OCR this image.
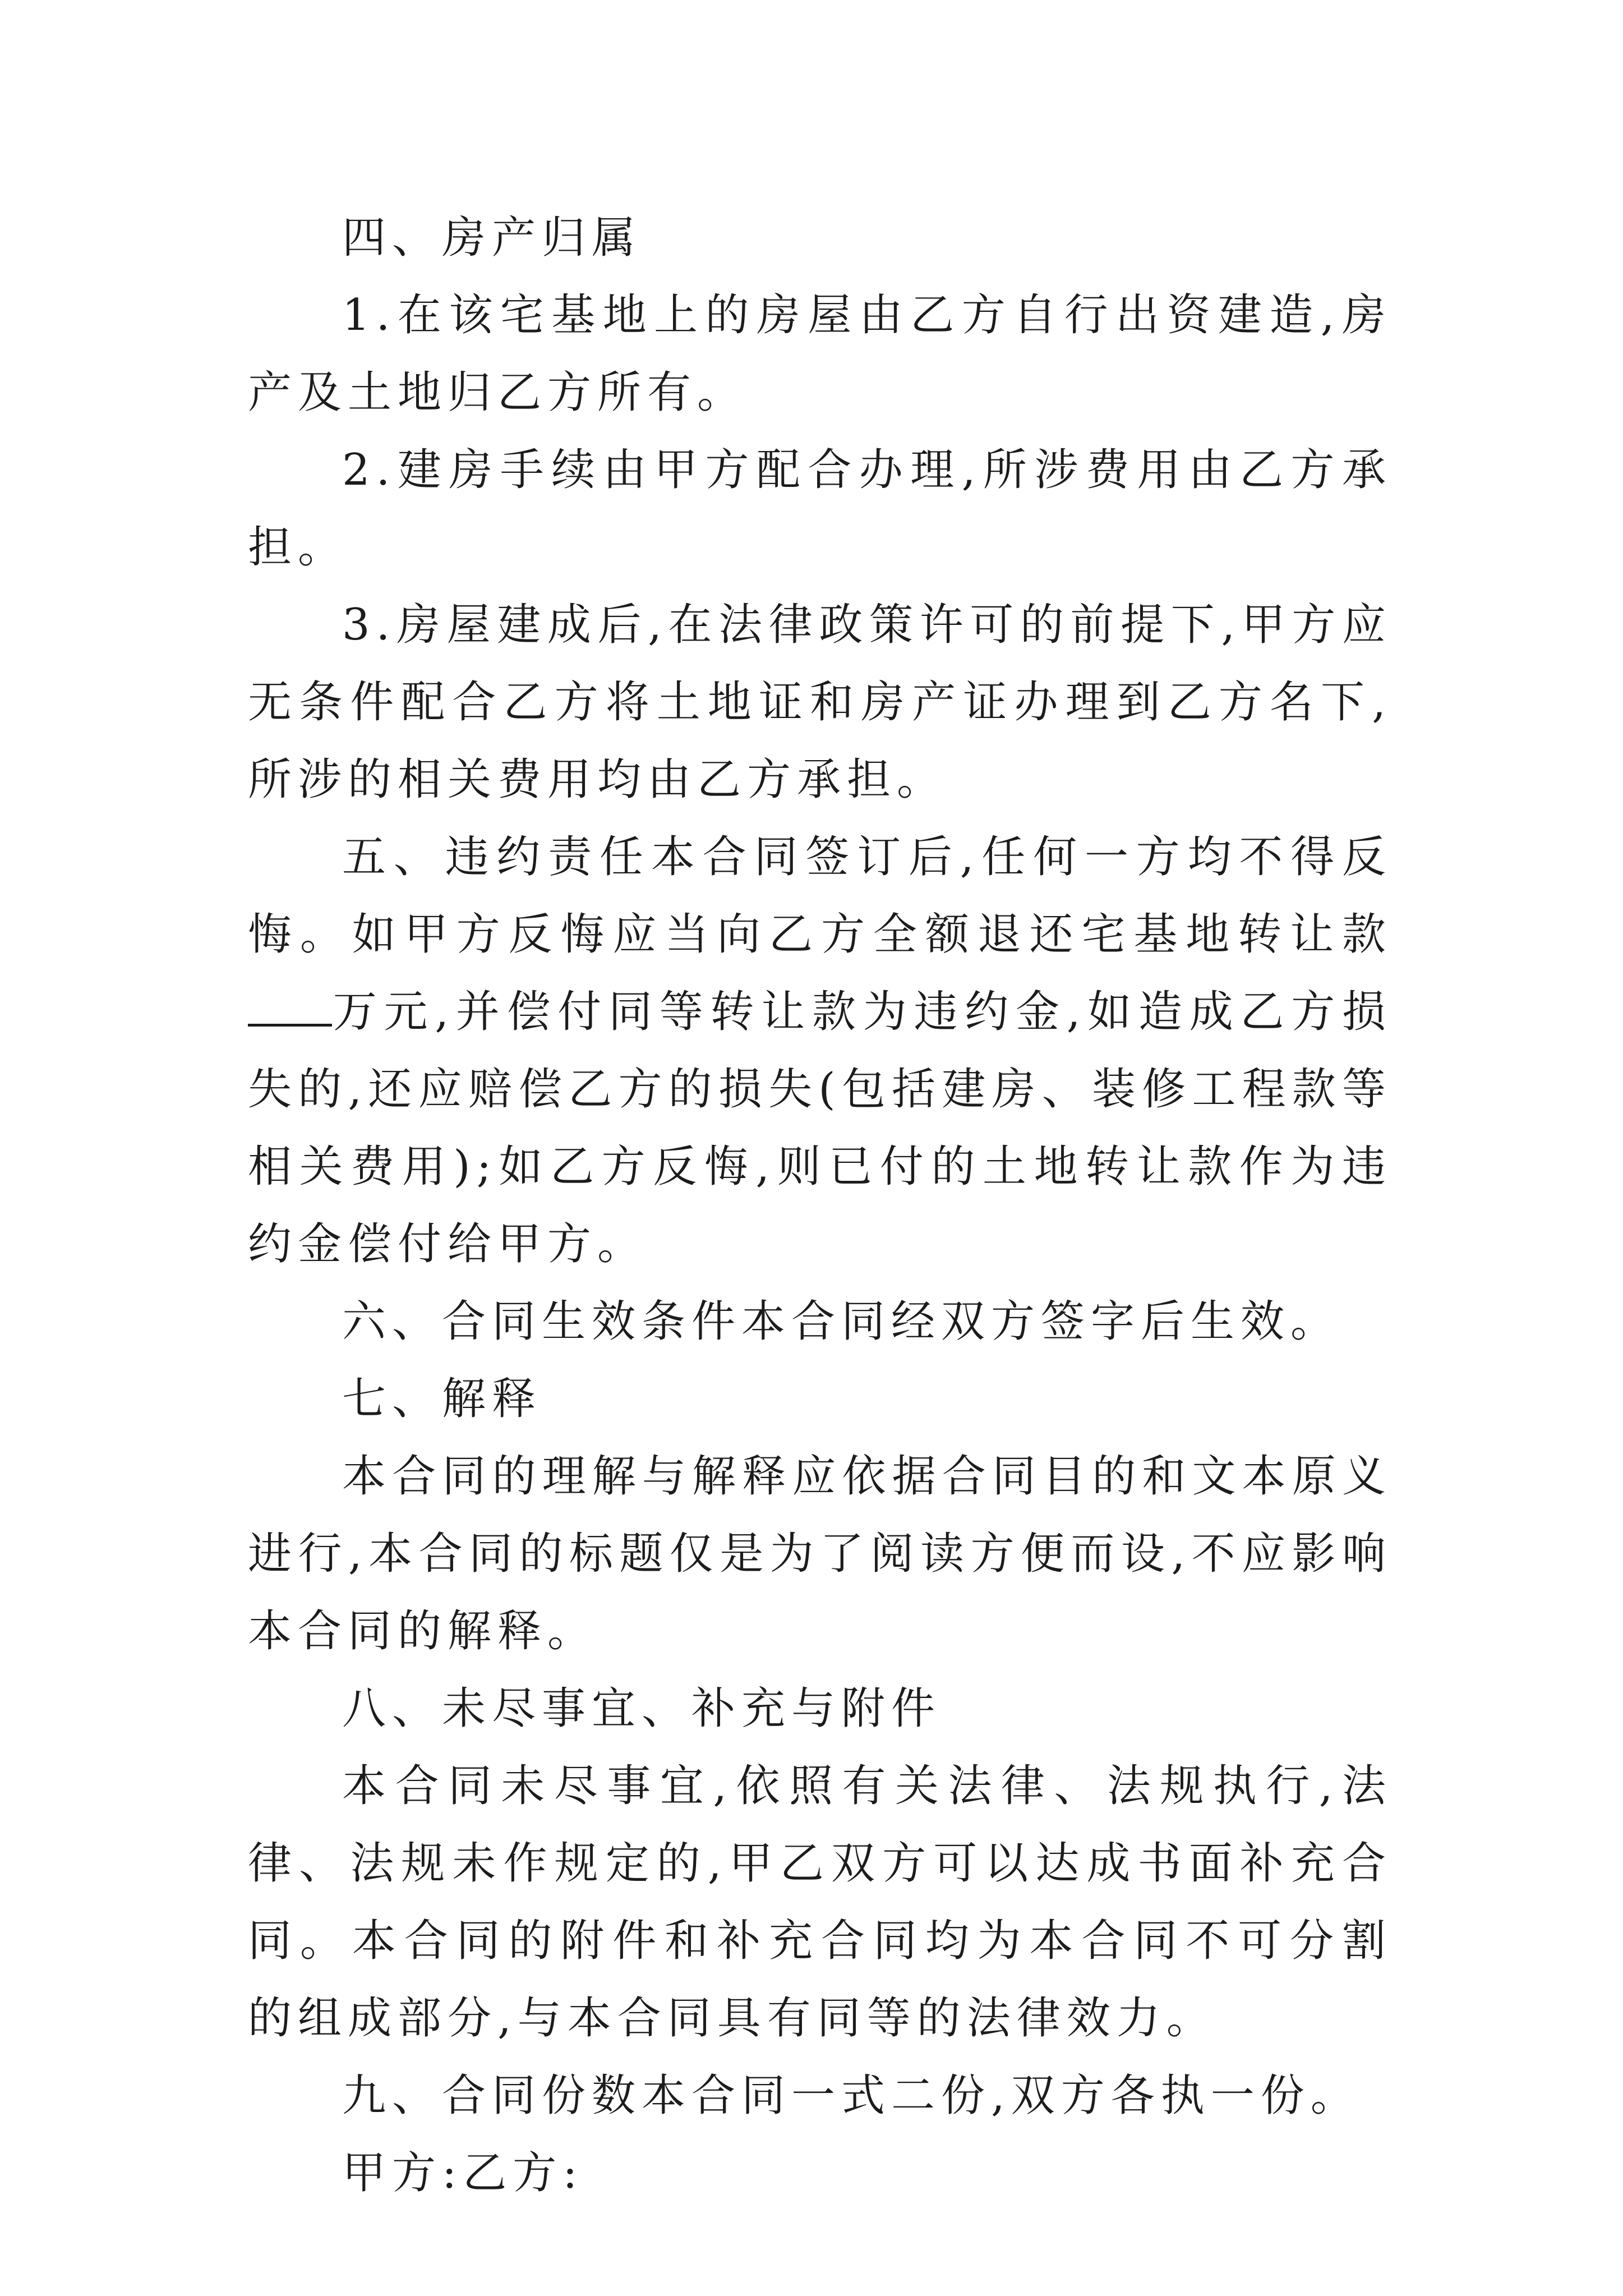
四、房产归属

1.在该宅基地上的房屋由乙方自行出资建造,房产及土地归乙方所有。

2.建房手续由甲方配合办理,所涉费用由乙方承担。

3.房屋建成后,在法律政策许可的前提下,甲方应无条件配合乙方将土地证和房产证办理到乙方名下,所涉的相关费用均由乙方承担。

五、违约责任本合同签订后,任何一方均不得反悔。如甲方反悔应当向乙方全额退还宅基地转让款万元,并偿付同等转让款为违约金,如造成乙方损失的,还应赔偿乙方的损失(包括建房、装修工程款等相关费用);如乙方反悔,则已付的土地转让款作为违约金偿付给甲方。

六、合同生效条件本合同经双方签字后生效。

七、解释

本合同的理解与解释应依据合同目的和文本原义进行,本合同的标题仅是为了阅读方便而设,不应影响本合同的解释。

八、未尽事宜、补充与附件

本合同未尽事宜,依照有关法律、法规执行,法律、法规未作规定的,甲乙双方可以达成书面补充合同。本合同的附件和补充合同均为本合同不可分割的组成部分,与本合同具有同等的法律效力。

九、合同份数本合同一式二份,双方各执一份。

甲方:乙方:
